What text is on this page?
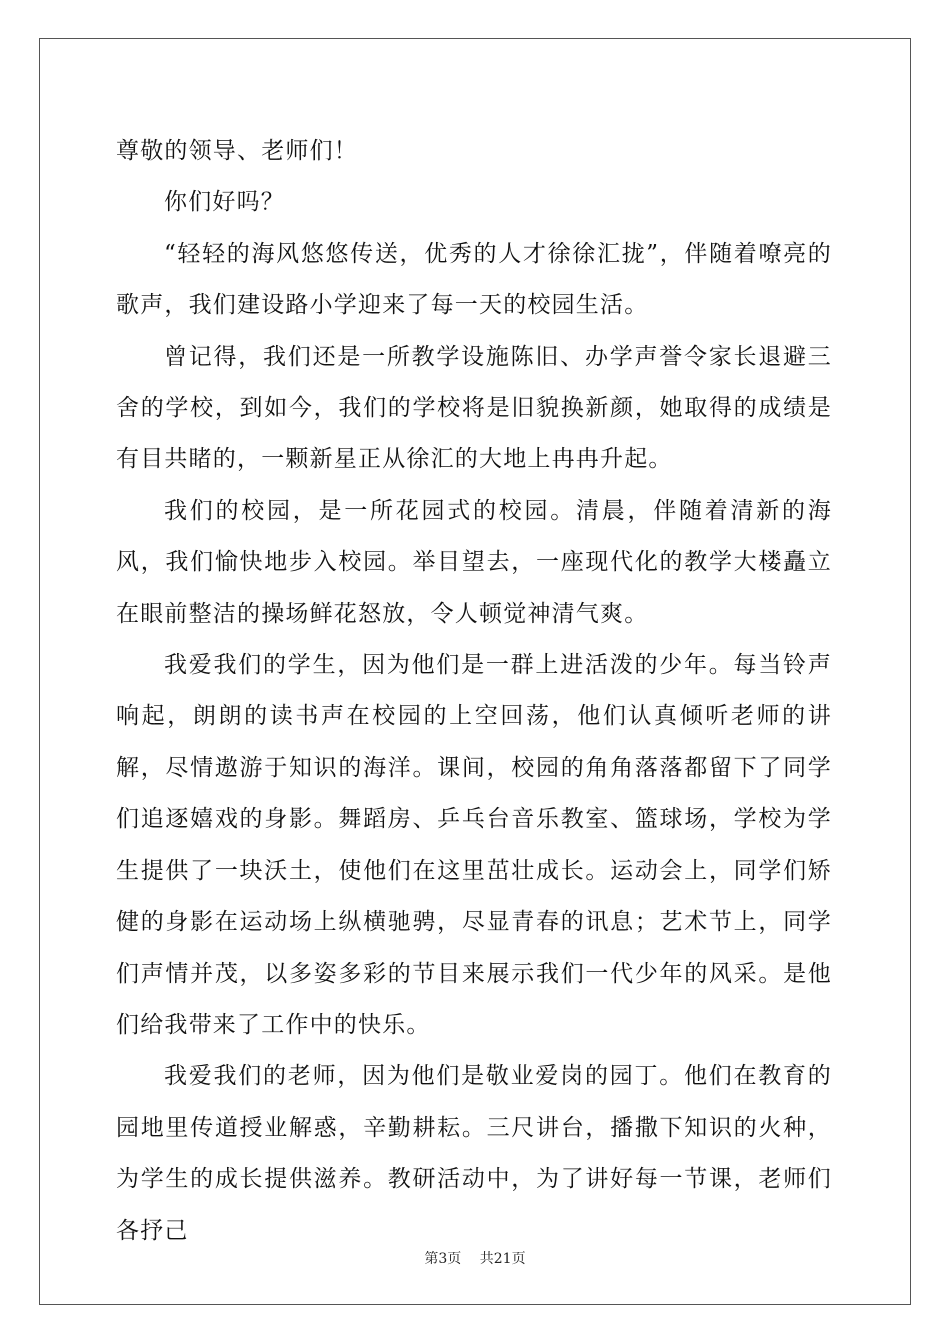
尊敬的领导、老师们！

你们好吗？

“轻轻的海风悠悠传送，优秀的人才徐徐汇拢”，伴随着嘹亮的歌声，我们建设路小学迎来了每一天的校园生活。

曾记得，我们还是一所教学设施陈旧、办学声誉令家长退避三舍的学校，到如今，我们的学校将是旧貌换新颜，她取得的成绩是有目共睹的，一颗新星正从徐汇的大地上冉冉升起。

我们的校园，是一所花园式的校园。清晨，伴随着清新的海风，我们愉快地步入校园。举目望去，一座现代化的教学大楼矗立在眼前整洁的操场鲜花怒放，令人顿觉神清气爽。

我爱我们的学生，因为他们是一群上进活泼的少年。每当铃声响起，朗朗的读书声在校园的上空回荡，他们认真倾听老师的讲解，尽情遨游于知识的海洋。课间，校园的角角落落都留下了同学们追逐嬉戏的身影。舞蹈房、乒乓台音乐教室、篮球场，学校为学生提供了一块沃土，使他们在这里茁壮成长。运动会上，同学们矫健的身影在运动场上纵横驰骋，尽显青春的讯息；艺术节上，同学们声情并茂，以多姿多彩的节目来展示我们一代少年的风采。是他们给我带来了工作中的快乐。

我爱我们的老师，因为他们是敬业爱岗的园丁。他们在教育的园地里传道授业解惑，辛勤耕耘。三尺讲台，播撒下知识的火种，为学生的成长提供滋养。教研活动中，为了讲好每一节课，老师们各抒己

第3页 共21页
